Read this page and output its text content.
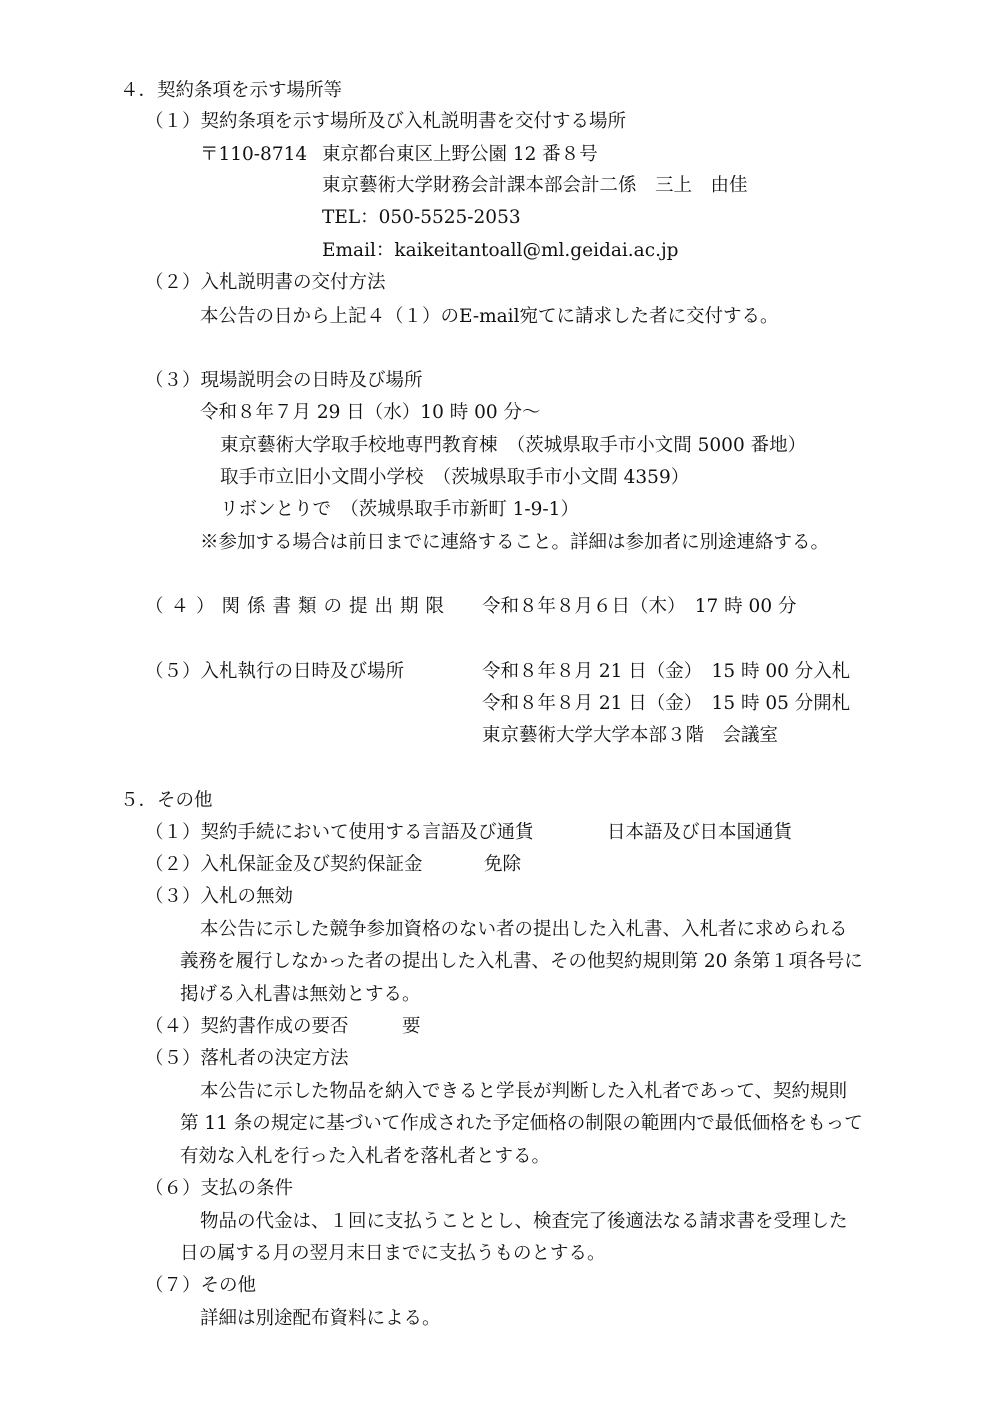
４．契約条項を示す場所等
（１）契約条項を示す場所及び入札説明書を交付する場所
〒110-8714 東京都台東区上野公園 12 番８号
東京藝術大学財務会計課本部会計二係　三上　由佳
TEL：050-5525-2053
Email：kaikeitantoall@ml.geidai.ac.jp
（２）入札説明書の交付方法
本公告の日から上記４（１）のE-mail宛てに請求した者に交付する。
（３）現場説明会の日時及び場所
令和８年７月 29 日（水）10 時 00 分～
東京藝術大学取手校地専門教育棟　（茨城県取手市小文間 5000 番地）
取手市立旧小文間小学校　（茨城県取手市小文間 4359）
リボンとりで　（茨城県取手市新町 1-9-1）
※参加する場合は前日までに連絡すること。詳細は参加者に別途連絡する。
（４）関係書類の提出期限 令和８年８月６日（木）　17 時 00 分
（５）入札執行の日時及び場所	令和８年８月 21 日（金）　15 時 00 分入札
令和８年８月 21 日（金）　15 時 05 分開札
東京藝術大学大学本部３階　会議室
５．その他
（１）契約手続において使用する言語及び通貨	日本語及び日本国通貨
（２）入札保証金及び契約保証金	免除
（３）入札の無効
本公告に示した競争参加資格のない者の提出した入札書、入札者に求められる
義務を履行しなかった者の提出した入札書、その他契約規則第 20 条第１項各号に
掲げる入札書は無効とする。
（４）契約書作成の要否	要
（５）落札者の決定方法
本公告に示した物品を納入できると学長が判断した入札者であって、契約規則
第 11 条の規定に基づいて作成された予定価格の制限の範囲内で最低価格をもって
有効な入札を行った入札者を落札者とする。
（６）支払の条件
物品の代金は、１回に支払うこととし、検査完了後適法なる請求書を受理した
日の属する月の翌月末日までに支払うものとする。
（７）その他
詳細は別途配布資料による。
